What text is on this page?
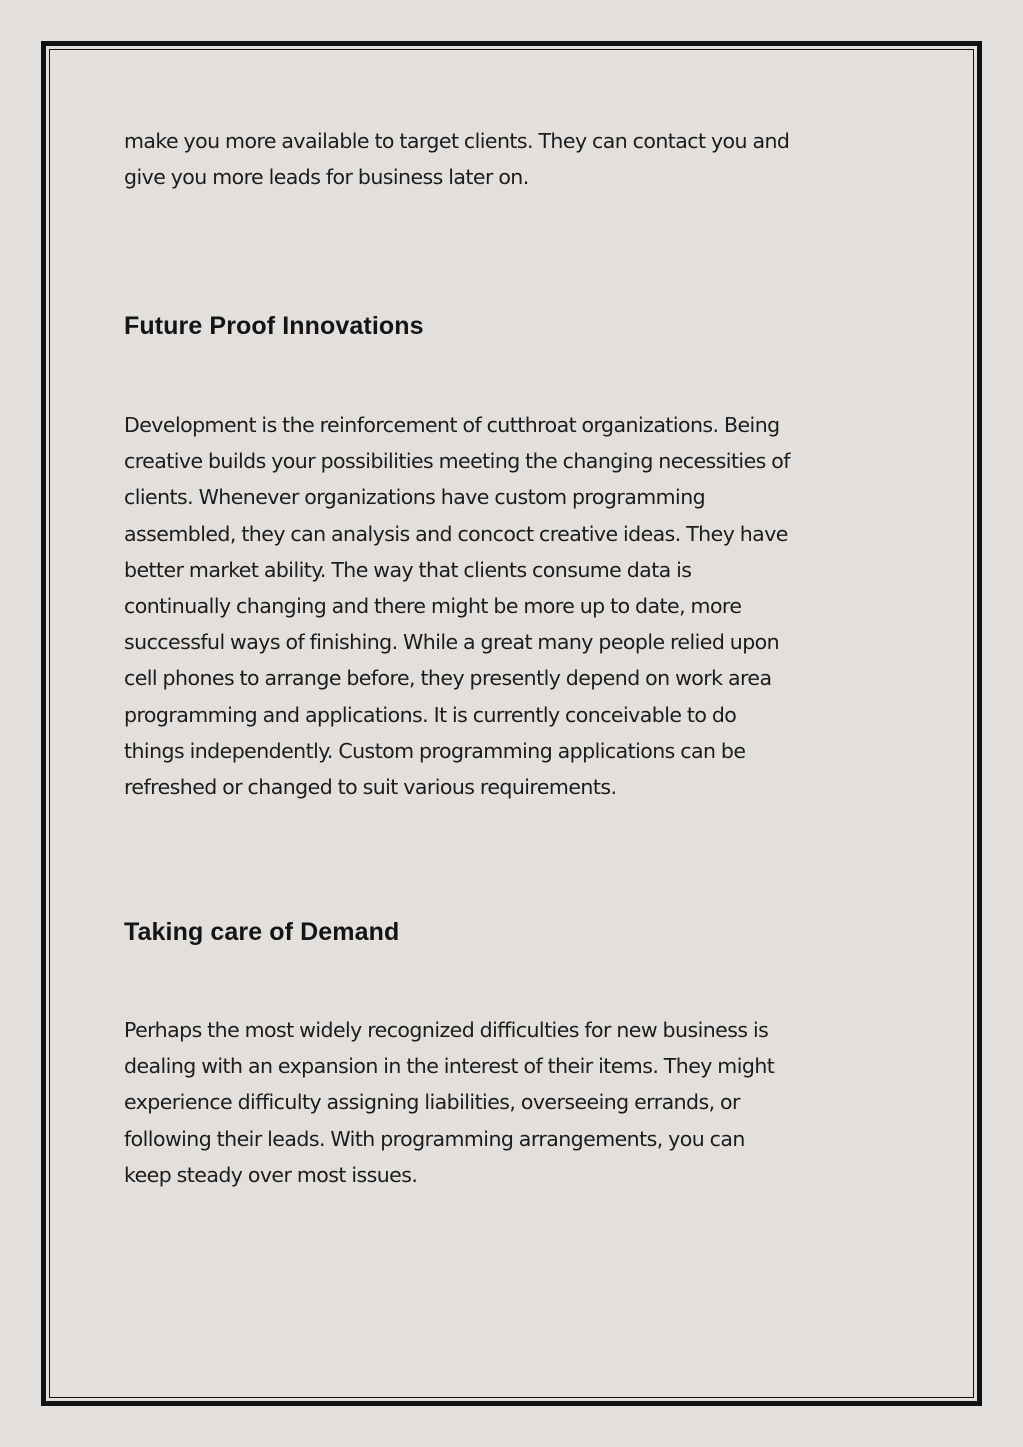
make you more available to target clients. They can contact you and
give you more leads for business later on.

Future Proof Innovations

Development is the reinforcement of cutthroat organizations. Being
creative builds your possibilities meeting the changing necessities of
clients. Whenever organizations have custom programming
assembled, they can analysis and concoct creative ideas. They have
better market ability. The way that clients consume data is
continually changing and there might be more up to date, more
successful ways of finishing. While a great many people relied upon
cell phones to arrange before, they presently depend on work area
programming and applications. It is currently conceivable to do
things independently. Custom programming applications can be
refreshed or changed to suit various requirements.

Taking care of Demand

Perhaps the most widely recognized difficulties for new business is
dealing with an expansion in the interest of their items. They might
experience difficulty assigning liabilities, overseeing errands, or
following their leads. With programming arrangements, you can
keep steady over most issues.
